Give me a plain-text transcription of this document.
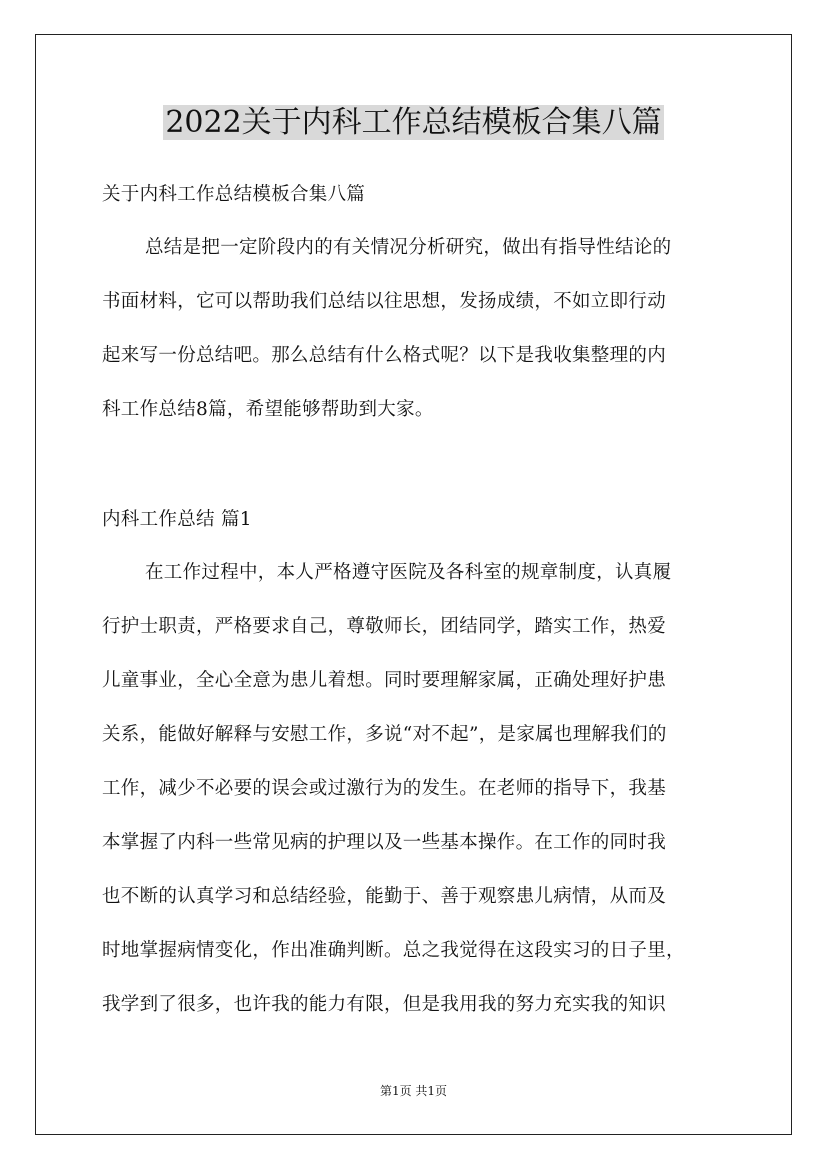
2022关于内科工作总结模板合集八篇
关于内科工作总结模板合集八篇
总结是把一定阶段内的有关情况分析研究，做出有指导性结论的
书面材料，它可以帮助我们总结以往思想，发扬成绩，不如立即行动
起来写一份总结吧。那么总结有什么格式呢？以下是我收集整理的内
科工作总结8篇，希望能够帮助到大家。
内科工作总结 篇1
在工作过程中，本人严格遵守医院及各科室的规章制度，认真履
行护士职责，严格要求自己，尊敬师长，团结同学，踏实工作，热爱
儿童事业，全心全意为患儿着想。同时要理解家属，正确处理好护患
关系，能做好解释与安慰工作，多说“对不起”，是家属也理解我们的
工作，减少不必要的误会或过激行为的发生。在老师的指导下，我基
本掌握了内科一些常见病的护理以及一些基本操作。在工作的同时我
也不断的认真学习和总结经验，能勤于、善于观察患儿病情，从而及
时地掌握病情变化，作出准确判断。总之我觉得在这段实习的日子里，
我学到了很多，也许我的能力有限，但是我用我的努力充实我的知识
第1页 共1页
